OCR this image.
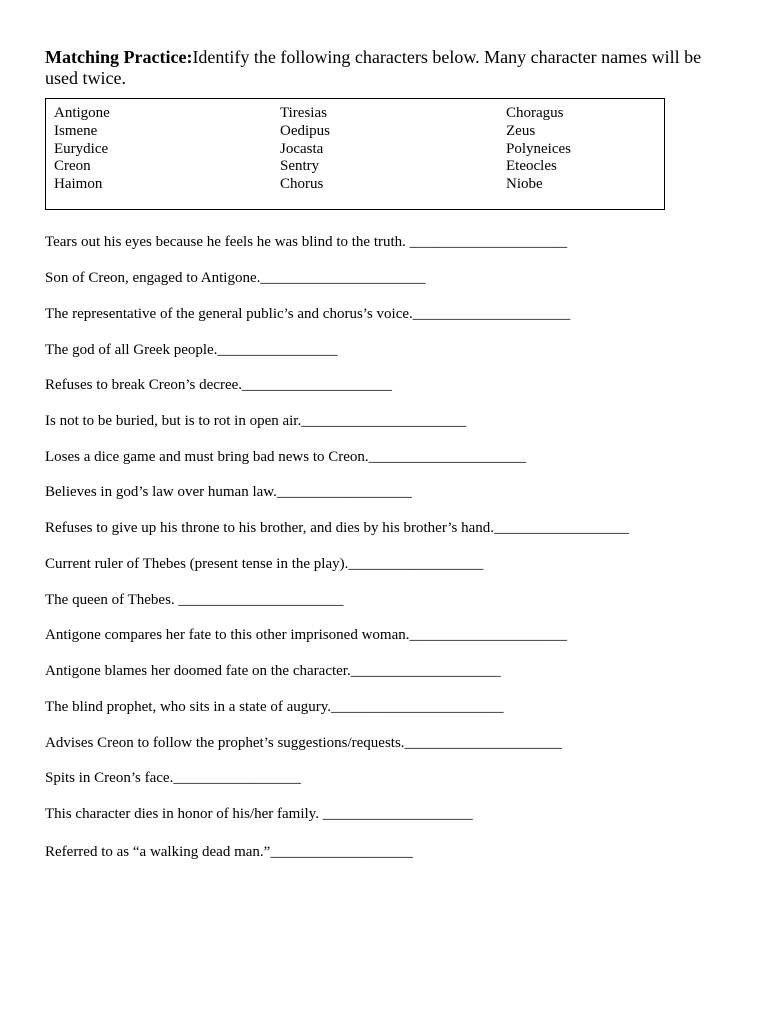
Matching Practice:Identify the following characters below. Many character names will be used twice.
Antigone
Ismene
Eurydice
Creon
Haimon
Tiresias
Oedipus
Jocasta
Sentry
Chorus
Choragus
Zeus
Polyneices
Eteocles
Niobe
Tears out his eyes because he feels he was blind to the truth. _____________________
Son of Creon, engaged to Antigone.______________________
The representative of the general public’s and chorus’s voice._____________________
The god of all Greek people.________________
Refuses to break Creon’s decree.____________________
Is not to be buried, but is to rot in open air.______________________
Loses a dice game and must bring bad news to Creon._____________________
Believes in god’s law over human law.__________________
Refuses to give up his throne to his brother, and dies by his brother’s hand.__________________
Current ruler of Thebes (present tense in the play).__________________
The queen of Thebes. ______________________
Antigone compares her fate to this other imprisoned woman._____________________
Antigone blames her doomed fate on the character.____________________
The blind prophet, who sits in a state of augury._______________________
Advises Creon to follow the prophet’s suggestions/requests._____________________
Spits in Creon’s face._________________
This character dies in honor of his/her family. ____________________
Referred to as “a walking dead man.”___________________
